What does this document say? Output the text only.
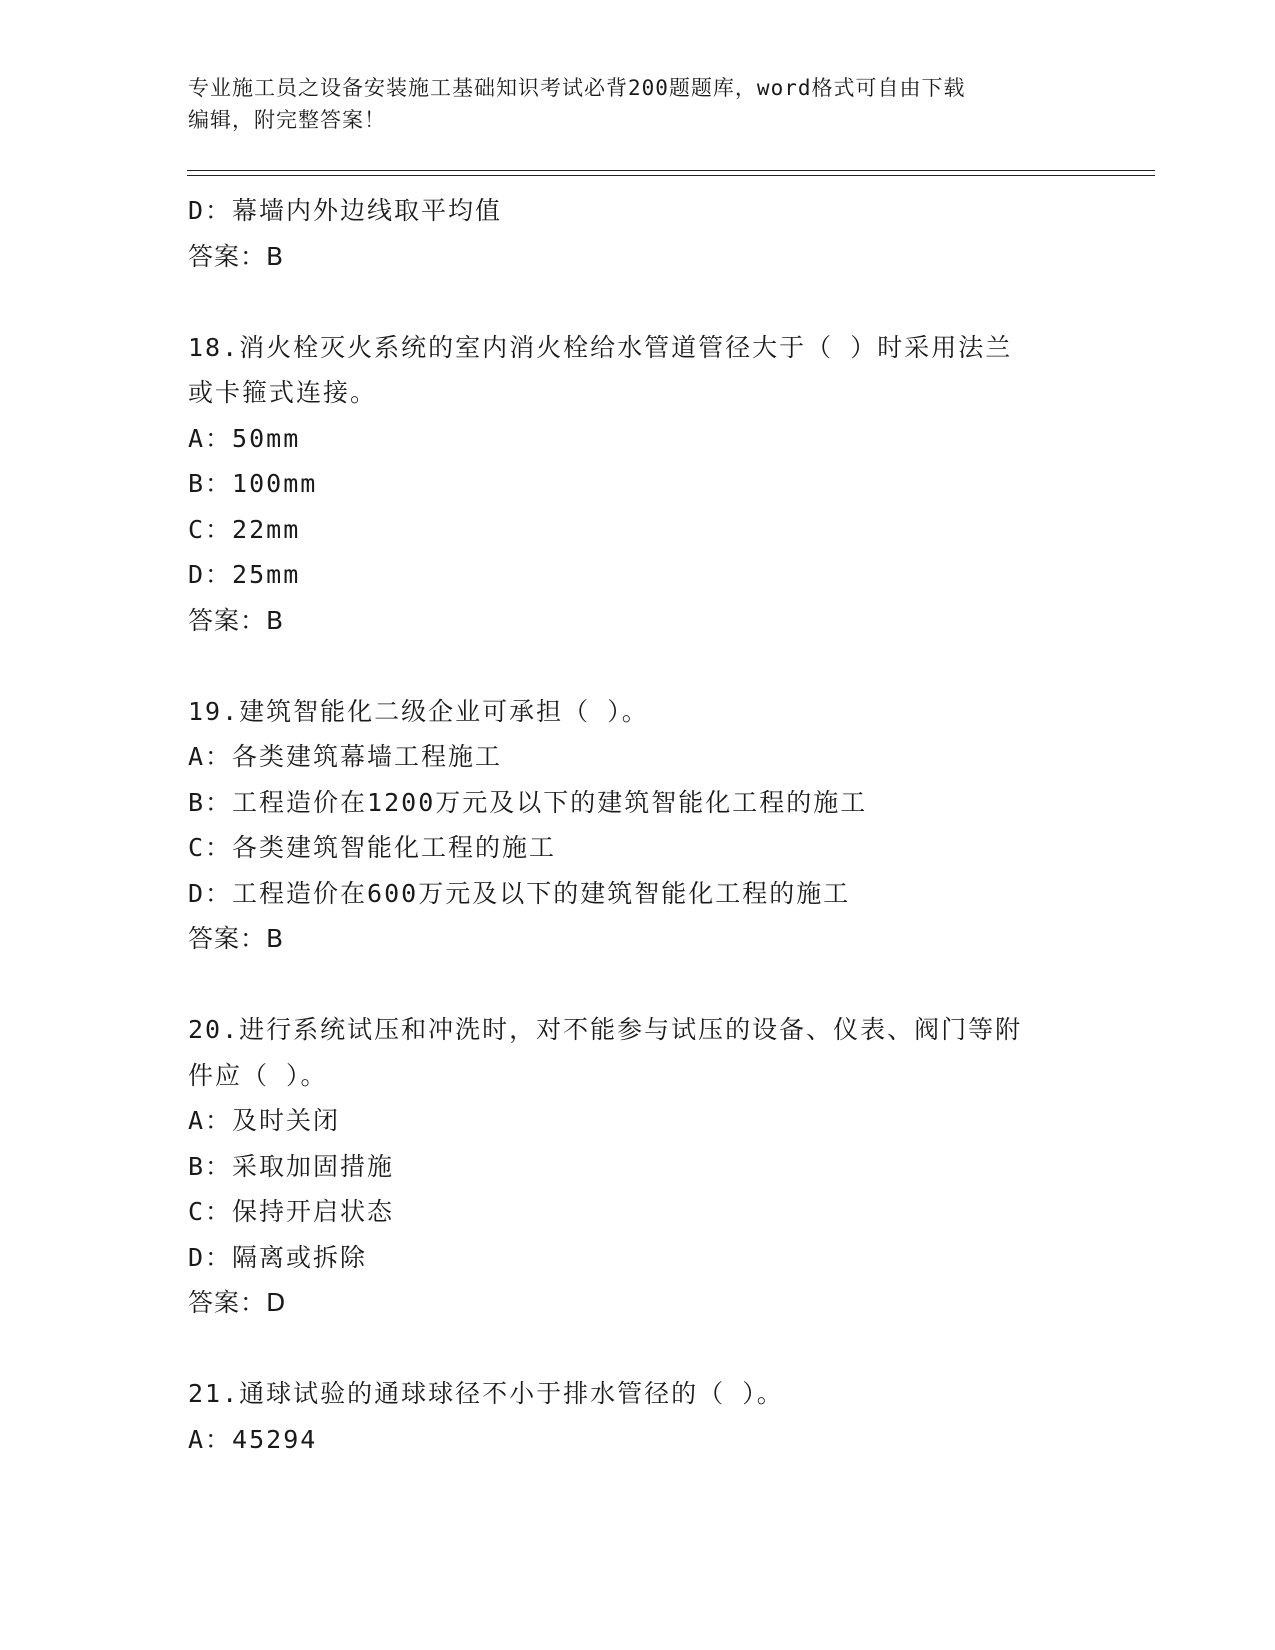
专业施工员之设备安装施工基础知识考试必背200题题库，word格式可自由下载
编辑，附完整答案！
D：幕墙内外边线取平均值
答案：B
18.消火栓灭火系统的室内消火栓给水管道管径大于（ ）时采用法兰
或卡箍式连接。
A：50mm
B：100mm
C：22mm
D：25mm
答案：B
19.建筑智能化二级企业可承担（ ）。
A：各类建筑幕墙工程施工
B：工程造价在1200万元及以下的建筑智能化工程的施工
C：各类建筑智能化工程的施工
D：工程造价在600万元及以下的建筑智能化工程的施工
答案：B
20.进行系统试压和冲洗时，对不能参与试压的设备、仪表、阀门等附
件应（ ）。
A：及时关闭
B：采取加固措施
C：保持开启状态
D：隔离或拆除
答案：D
21.通球试验的通球球径不小于排水管径的（ ）。
A：45294
